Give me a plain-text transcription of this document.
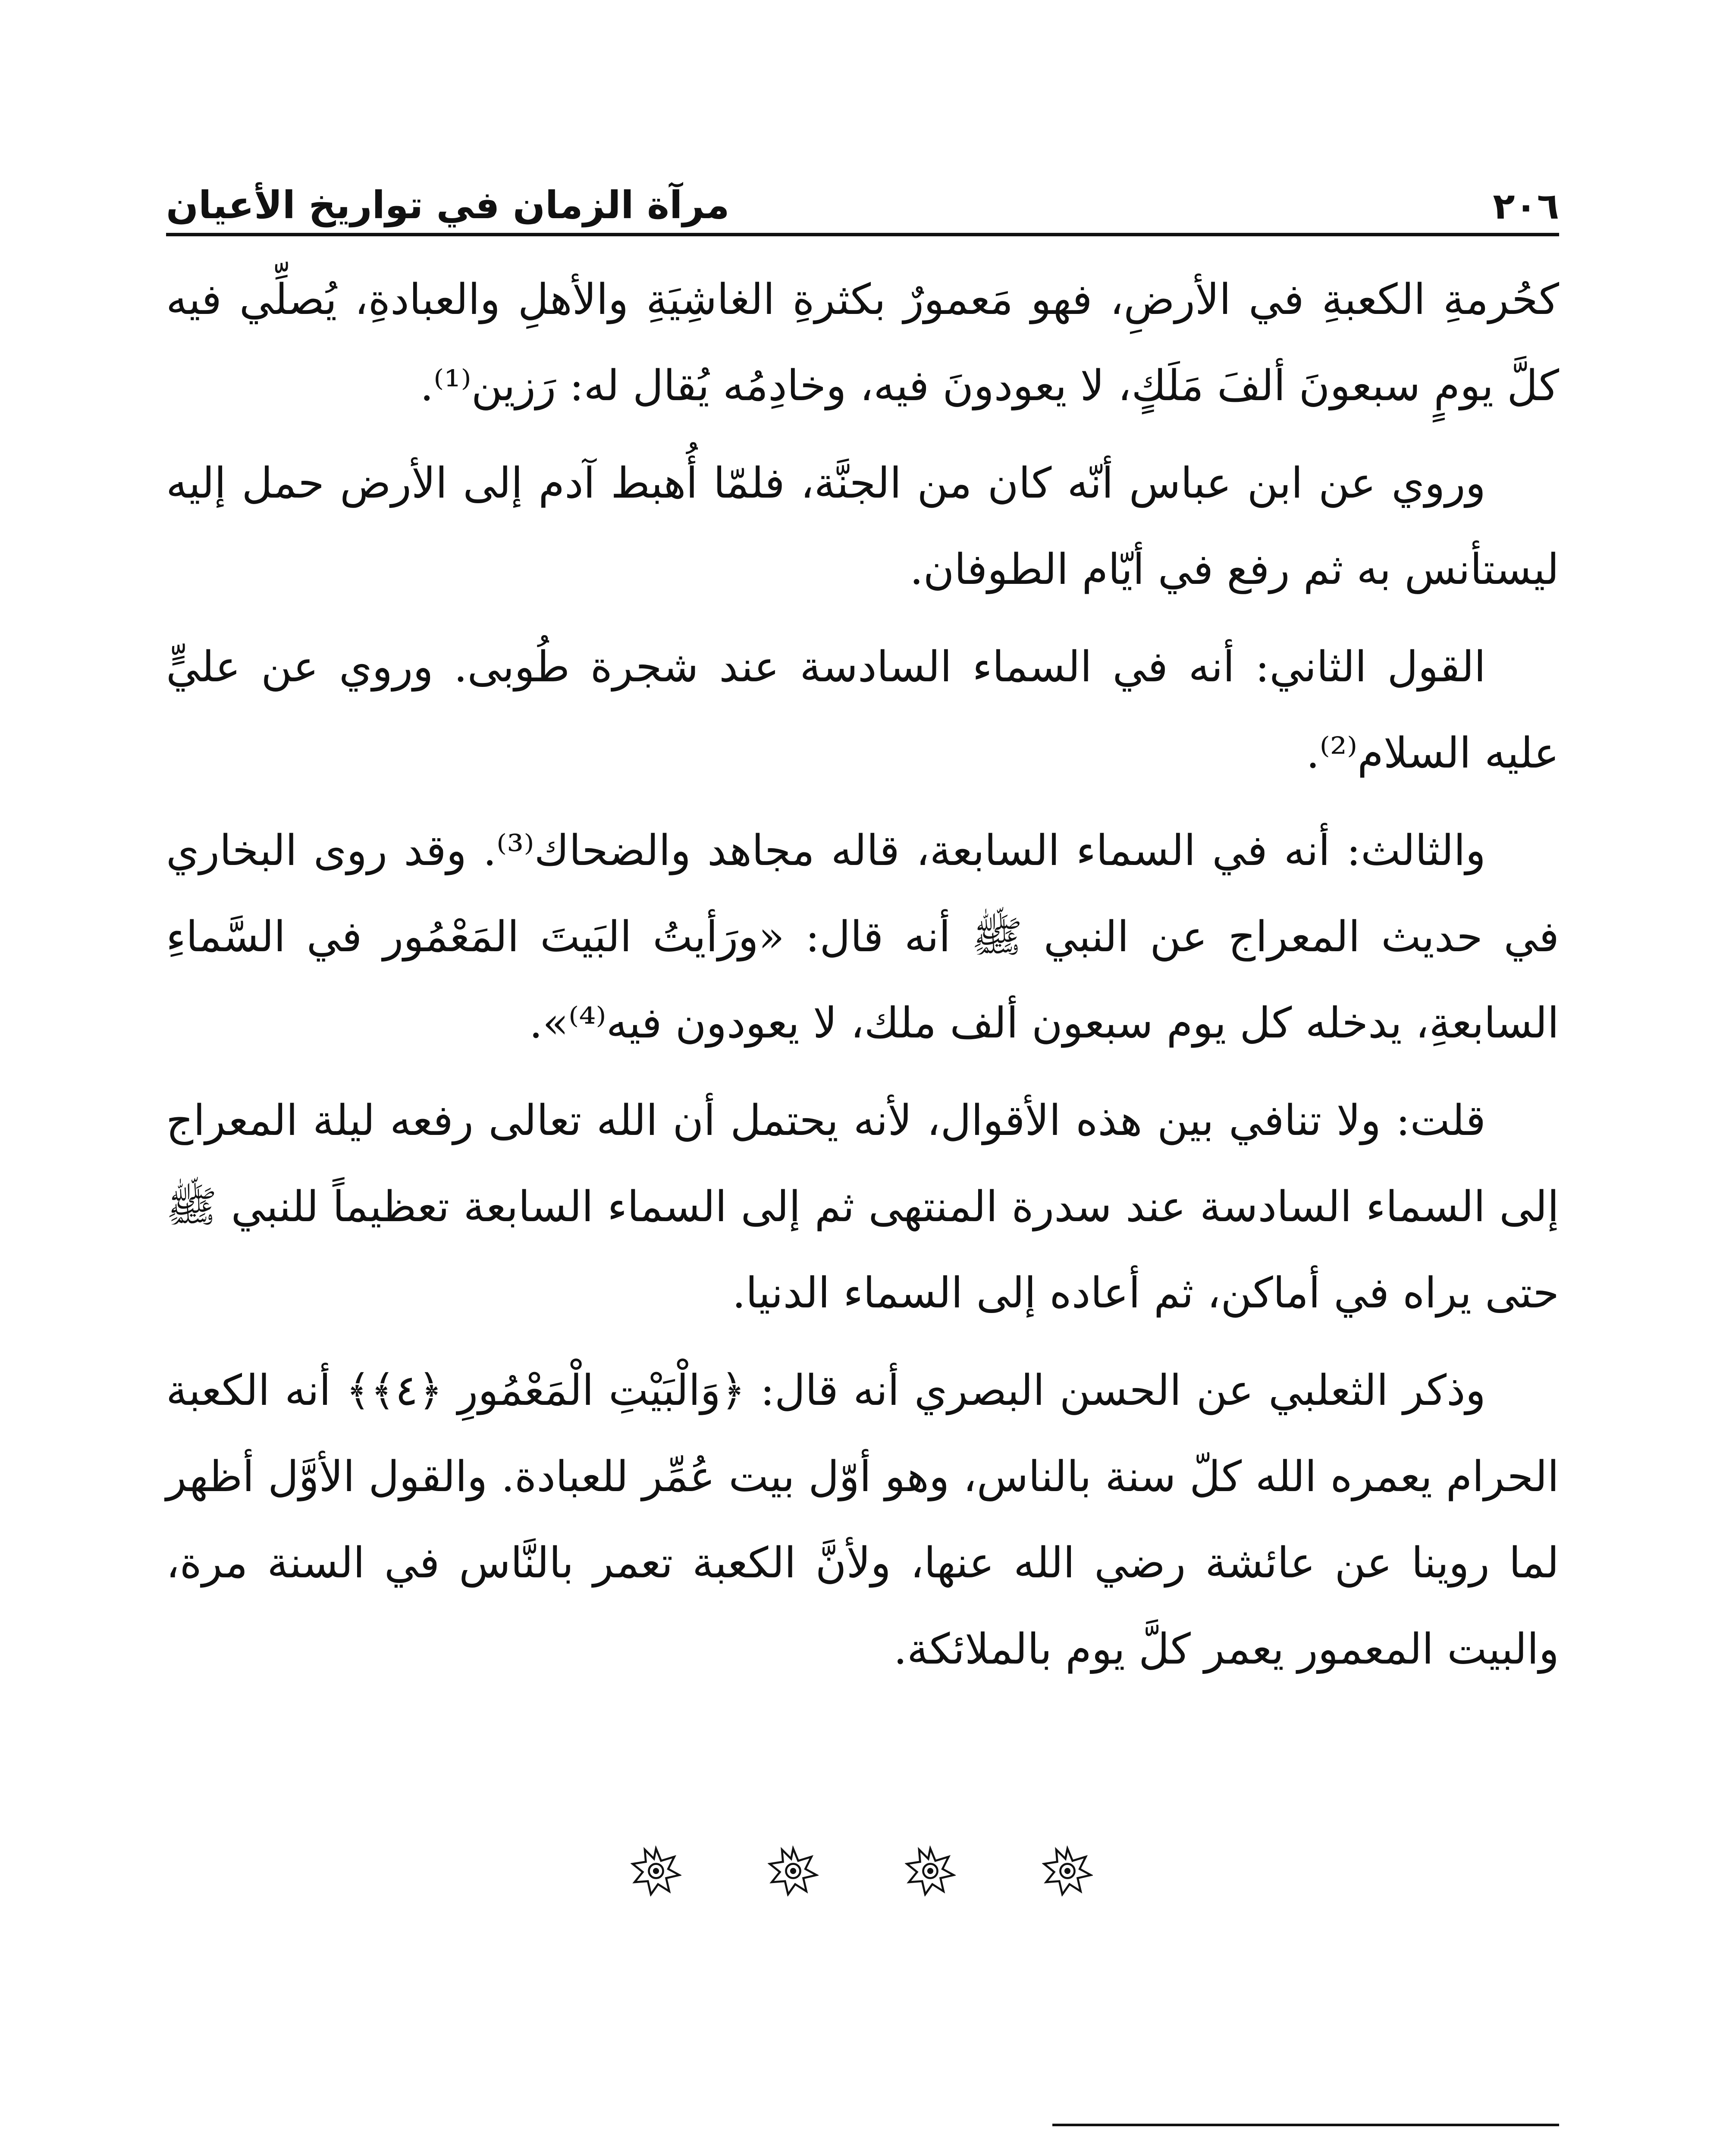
٢٠٦
مرآة الزمان في تواريخ الأعيان

كحُرمةِ الكعبةِ في الأرضِ، فهو مَعمورٌ بكثرةِ الغاشِيَةِ والأهلِ والعبادةِ، يُصلِّي فيه كلَّ يومٍ سبعونَ ألفَ مَلَكٍ، لا يعودونَ فيه، وخادِمُه يُقال له: رَزين⁽¹⁾.

وروي عن ابن عباس أنّه كان من الجنَّة، فلمّا أُهبط آدم إلى الأرض حمل إليه ليستأنس به ثم رفع في أيّام الطوفان.

القول الثاني: أنه في السماء السادسة عند شجرة طُوبى. وروي عن عليٍّ عليه السلام⁽²⁾.

والثالث: أنه في السماء السابعة، قاله مجاهد والضحاك⁽³⁾. وقد روى البخاري في حديث المعراج عن النبي ﷺ أنه قال: «ورَأيتُ البَيتَ المَعْمُور في السَّماءِ السابعةِ، يدخله كل يوم سبعون ألف ملك، لا يعودون فيه⁽⁴⁾».

قلت: ولا تنافي بين هذه الأقوال، لأنه يحتمل أن الله تعالى رفعه ليلة المعراج إلى السماء السادسة عند سدرة المنتهى ثم إلى السماء السابعة تعظيماً للنبي ﷺ حتى يراه في أماكن، ثم أعاده إلى السماء الدنيا.

وذكر الثعلبي عن الحسن البصري أنه قال: ﴿وَالْبَيْتِ الْمَعْمُورِ ﴿٤﴾﴾ أنه الكعبة الحرام يعمره الله كلّ سنة بالناس، وهو أوّل بيت عُمِّر للعبادة. والقول الأوَّل أظهر لما روينا عن عائشة رضي الله عنها، ولأنَّ الكعبة تعمر بالنَّاس في السنة مرة، والبيت المعمور يعمر كلَّ يوم بالملائكة.
